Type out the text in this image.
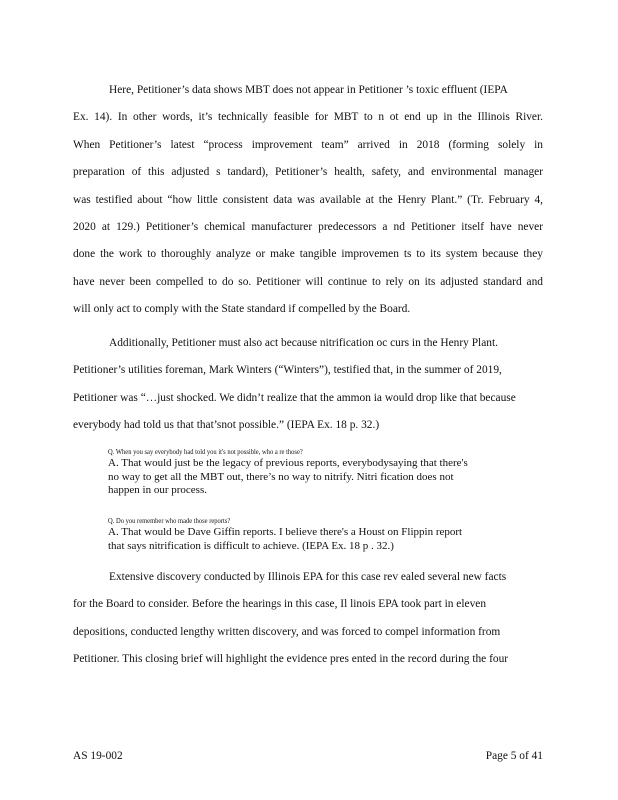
Here, Petitioner’s data shows MBT does not appear in Petitioner ’s toxic effluent (IEPA
Ex. 14). In other words, it’s technically feasible for MBT to n ot end up in the Illinois River.
When Petitioner’s latest “process improvement team” arrived in 2018 (forming solely in
preparation of this adjusted s tandard), Petitioner’s health, safety, and environmental manager
was testified about “how little consistent data was available at the Henry Plant.” (Tr. February 4,
2020 at 129.) Petitioner’s chemical manufacturer predecessors a nd Petitioner itself have never
done the work to thoroughly analyze or make tangible improvemen ts to its system because they
have never been compelled to do so. Petitioner will continue to rely on its adjusted standard and
will only act to comply with the State standard if compelled by the Board.
Additionally, Petitioner must also act because nitrification oc curs in the Henry Plant.
Petitioner’s utilities foreman, Mark Winters (“Winters”), testified that, in the summer of 2019,
Petitioner was “…just shocked. We didn’t realize that the ammon ia would drop like that because
everybody had told us that that’snot possible.” (IEPA Ex. 18 p. 32.)
Q. When you say everybody had told you it's not possible, who a re those?
A. That would just be the legacy of previous reports, everybodysaying that there's
no way to get all the MBT out, there’s no way to nitrify. Nitri fication does not
happen in our process.
Q. Do you remember who made those reports?
A. That would be Dave Giffin reports. I believe there's a Houst on Flippin report
that says nitrification is difficult to achieve. (IEPA Ex. 18 p . 32.)
Extensive discovery conducted by Illinois EPA for this case rev ealed several new facts
for the Board to consider. Before the hearings in this case, Il linois EPA took part in eleven
depositions, conducted lengthy written discovery, and was forced to compel information from
Petitioner. This closing brief will highlight the evidence pres ented in the record during the four
AS 19-002	Page 5 of 41
